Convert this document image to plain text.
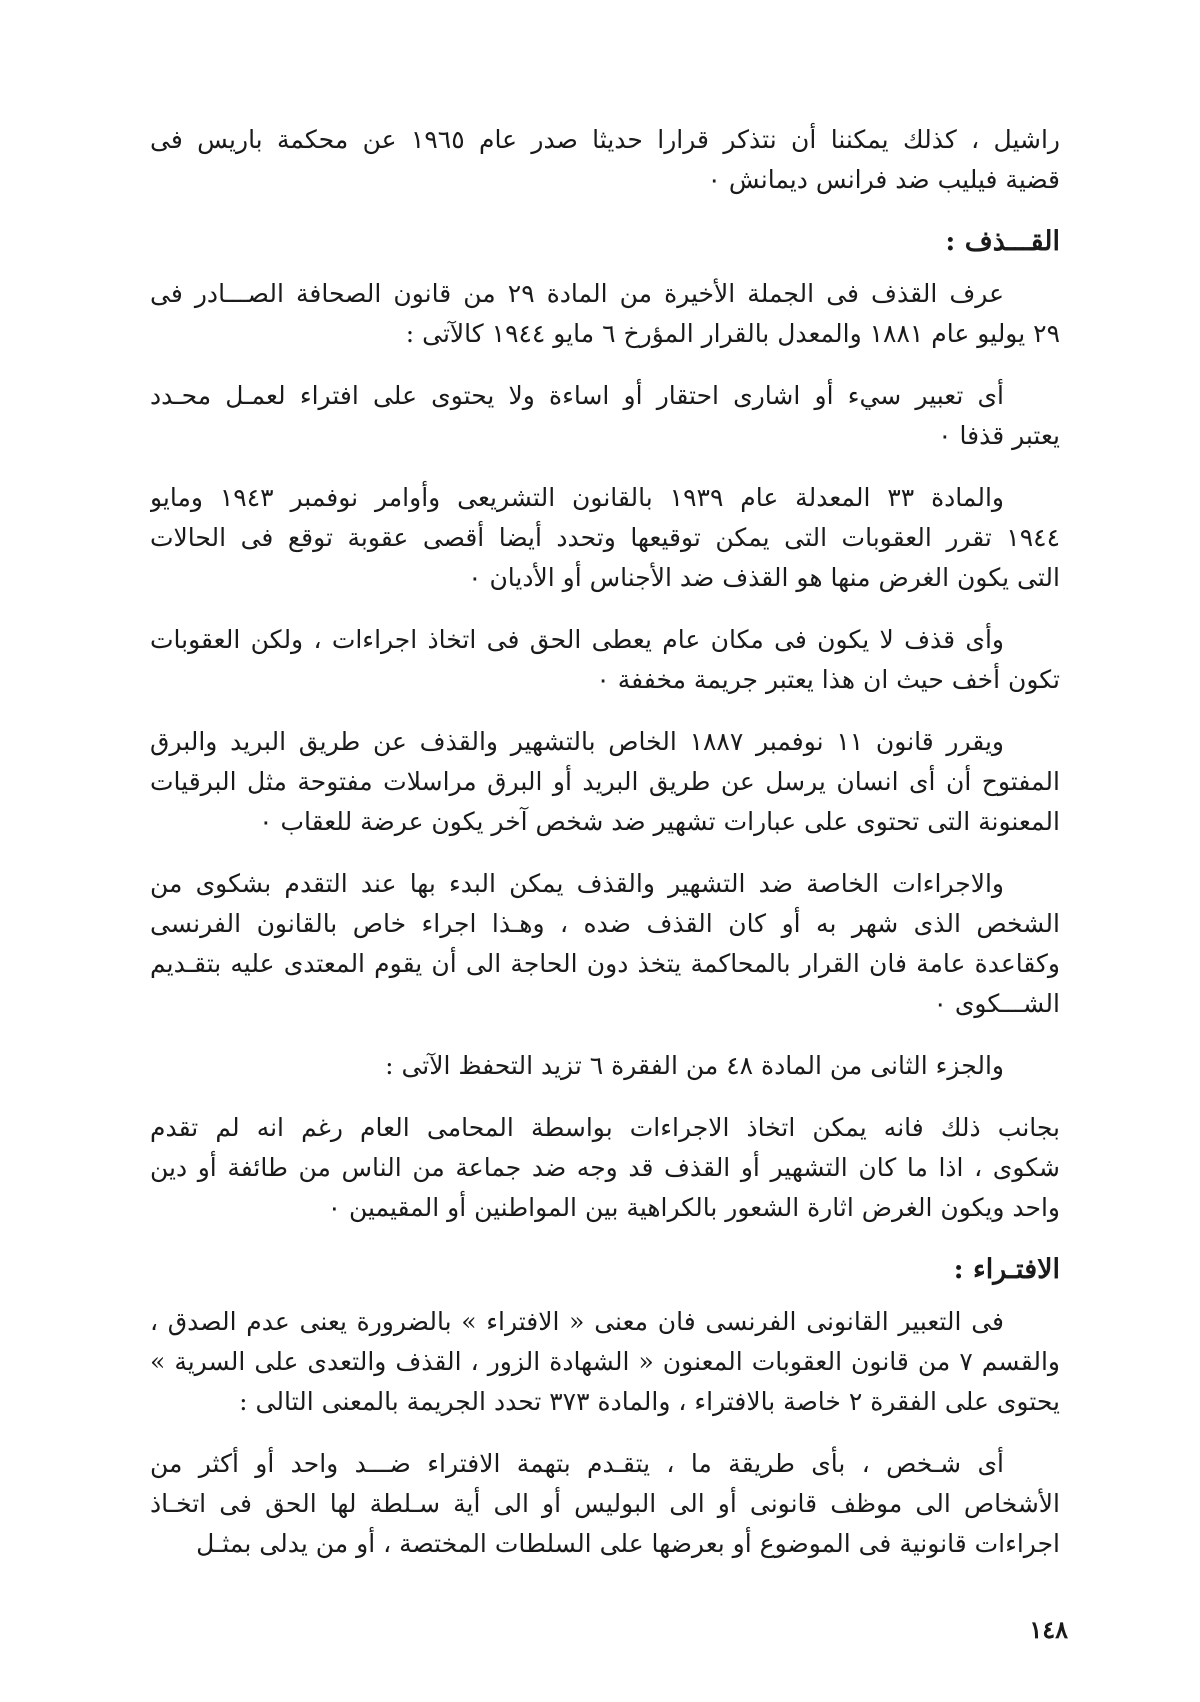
راشيل ، كذلك يمكننا أن نتذكر قرارا حديثا صدر عام ١٩٦٥ عن محكمة باريس فى
قضية فيليب ضد فرانس ديمانش ٠
القـــذف :
عرف القذف فى الجملة الأخيرة من المادة ٢٩ من قانون الصحافة الصـــادر فى
٢٩ يوليو عام ١٨٨١ والمعدل بالقرار المؤرخ ٦ مايو ١٩٤٤ كالآتى :
أى تعبير سيء أو اشارى احتقار أو اساءة ولا يحتوى على افتراء لعمـل محـدد
يعتبر قذفا ٠
والمادة ٣٣ المعدلة عام ١٩٣٩ بالقانون التشريعى وأوامر نوفمبر ١٩٤٣ ومايو
١٩٤٤ تقرر العقوبات التى يمكن توقيعها وتحدد أيضا أقصى عقوبة توقع فى الحالات
التى يكون الغرض منها هو القذف ضد الأجناس أو الأديان ٠
وأى قذف لا يكون فى مكان عام يعطى الحق فى اتخاذ اجراءات ، ولكن العقوبات
تكون أخف حيث ان هذا يعتبر جريمة مخففة ٠
ويقرر قانون ١١ نوفمبر ١٨٨٧ الخاص بالتشهير والقذف عن طريق البريد والبرق
المفتوح أن أى انسان يرسل عن طريق البريد أو البرق مراسلات مفتوحة مثل البرقيات
المعنونة التى تحتوى على عبارات تشهير ضد شخص آخر يكون عرضة للعقاب ٠
والاجراءات الخاصة ضد التشهير والقذف يمكن البدء بها عند التقدم بشكوى من
الشخص الذى شهر به أو كان القذف ضده ، وهـذا اجراء خاص بالقانون الفرنسى
وكقاعدة عامة فان القرار بالمحاكمة يتخذ دون الحاجة الى أن يقوم المعتدى عليه بتقـديم
الشـــكوى ٠
والجزء الثانى من المادة ٤٨ من الفقرة ٦ تزيد التحفظ الآتى :
بجانب ذلك فانه يمكن اتخاذ الاجراءات بواسطة المحامى العام رغم انه لم تقدم
شكوى ، اذا ما كان التشهير أو القذف قد وجه ضد جماعة من الناس من طائفة أو دين
واحد ويكون الغرض اثارة الشعور بالكراهية بين المواطنين أو المقيمين ٠
الافتـراء :
فى التعبير القانونى الفرنسى فان معنى « الافتراء » بالضرورة يعنى عدم الصدق ،
والقسم ٧ من قانون العقوبات المعنون « الشهادة الزور ، القذف والتعدى على السرية »
يحتوى على الفقرة ٢ خاصة بالافتراء ، والمادة ٣٧٣ تحدد الجريمة بالمعنى التالى :
أى شـخص ، بأى طريقة ما ، يتقـدم بتهمة الافتراء ضـــد واحد أو أكثر من
الأشخاص الى موظف قانونى أو الى البوليس أو الى أية سـلطة لها الحق فى اتخـاذ
اجراءات قانونية فى الموضوع أو بعرضها على السلطات المختصة ، أو من يدلى بمثـل
١٤٨
